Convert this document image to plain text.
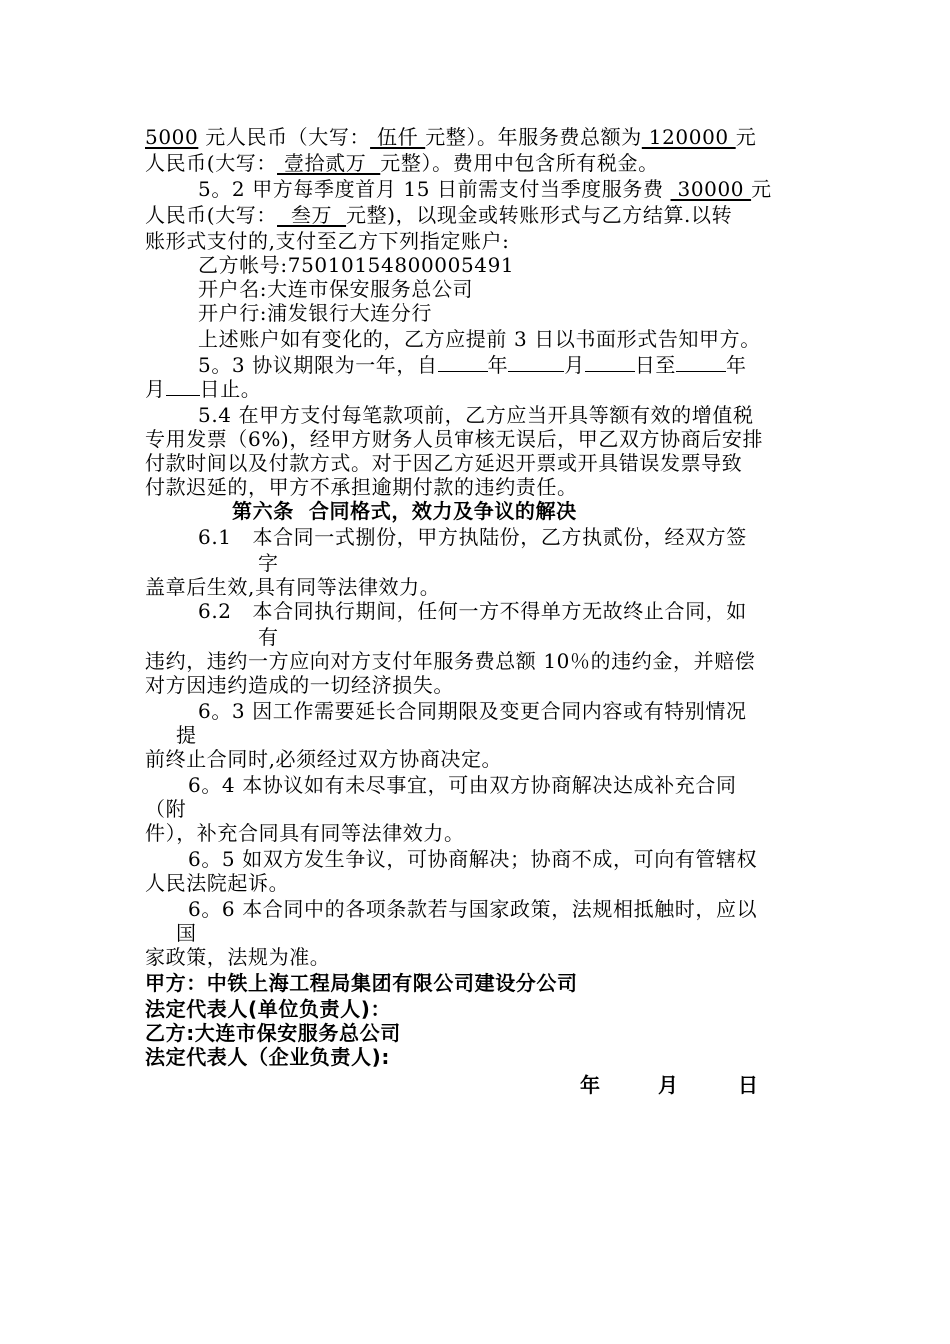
5000 元人民币（大写： 伍仟 元整）。年服务费总额为 120000 元
人民币(大写： 壹拾贰万  元整）。费用中包含所有税金。
5。2 甲方每季度首月 15 日前需支付当季度服务费  30000 元
人民币(大写：  叁万  元整)，以现金或转账形式与乙方结算.以转
账形式支付的,支付至乙方下列指定账户:
乙方帐号:75010154800005491
开户名:大连市保安服务总公司
开户行:浦发银行大连分行
上述账户如有变化的，乙方应提前 3 日以书面形式告知甲方。
5。3 协议期限为一年，自	年	月	日至	年
月 日止。
5.4 在甲方支付每笔款项前，乙方应当开具等额有效的增值税
专用发票（6%)，经甲方财务人员审核无误后，甲乙双方协商后安排
付款时间以及付款方式。对于因乙方延迟开票或开具错误发票导致
付款迟延的，甲方不承担逾期付款的违约责任。
第六条  合同格式，效力及争议的解决
6.1   本合同一式捌份，甲方执陆份，乙方执贰份，经双方签
字
盖章后生效,具有同等法律效力。
6.2   本合同执行期间，任何一方不得单方无故终止合同，如
有
违约，违约一方应向对方支付年服务费总额 10％的违约金，并赔偿
对方因违约造成的一切经济损失。
6。3 因工作需要延长合同期限及变更合同内容或有特别情况
提
前终止合同时,必须经过双方协商决定。
6。4 本协议如有未尽事宜，可由双方协商解决达成补充合同
（附
件），补充合同具有同等法律效力。
6。5 如双方发生争议，可协商解决；协商不成，可向有管辖权
人民法院起诉。
6。6 本合同中的各项条款若与国家政策，法规相抵触时，应以
国
家政策，法规为准。
甲方：中铁上海工程局集团有限公司建设分公司
法定代表人(单位负责人)：
乙方:大连市保安服务总公司
法定代表人（企业负责人):
年	月	日
